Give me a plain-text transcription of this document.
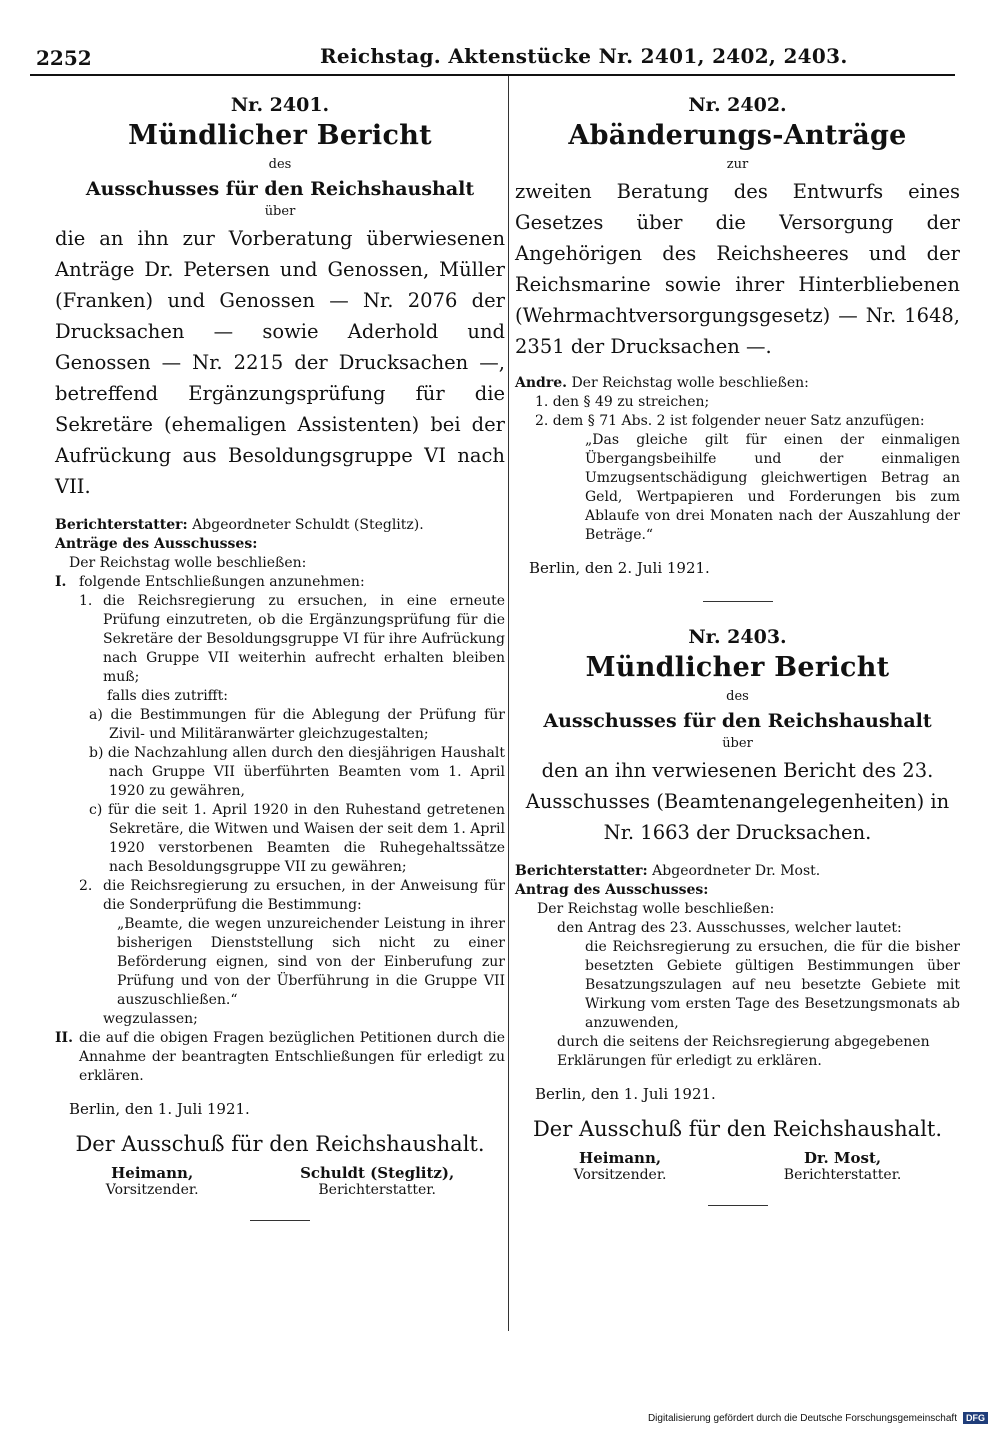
2252	Reichstag. Aktenstücke Nr. 2401, 2402, 2403.
Nr. 2401.
Mündlicher Bericht
des
Ausschusses für den Reichshaushalt
über
die an ihn zur Vorberatung überwiesenen Anträge Dr. Petersen und Genossen, Müller (Franken) und Genossen — Nr. 2076 der Drucksachen — sowie Aderhold und Genossen — Nr. 2215 der Drucksachen —, betreffend Ergänzungsprüfung für die Sekretäre (ehemaligen Assistenten) bei der Aufrückung aus Besoldungsgruppe VI nach VII.

Berichterstatter: Abgeordneter Schuldt (Steglitz).

Anträge des Ausschusses:

Der Reichstag wolle beschließen:

I. folgende Entschließungen anzunehmen:
1. die Reichsregierung zu ersuchen, in eine erneute Prüfung einzutreten, ob die Ergänzungsprüfung für die Sekretäre der Besoldungsgruppe VI für ihre Aufrückung nach Gruppe VII weiterhin aufrecht erhalten bleiben muß;

falls dies zutrifft:

a) die Bestimmungen für die Ablegung der Prüfung für Zivil- und Militäranwärter gleichzugestalten;

b) die Nachzahlung allen durch den diesjährigen Haushalt nach Gruppe VII überführten Beamten vom 1. April 1920 zu gewähren,

c) für die seit 1. April 1920 in den Ruhestand getretenen Sekretäre, die Witwen und Waisen der seit dem 1. April 1920 verstorbenen Beamten die Ruhegehaltssätze nach Besoldungsgruppe VII zu gewähren;

2. die Reichsregierung zu ersuchen, in der Anweisung für die Sonderprüfung die Bestimmung:

„Beamte, die wegen unzureichender Leistung in ihrer bisherigen Dienststellung sich nicht zu einer Beförderung eignen, sind von der Einberufung zur Prüfung und von der Überführung in die Gruppe VII auszuschließen.“

wegzulassen;

II. die auf die obigen Fragen bezüglichen Petitionen durch die Annahme der beantragten Entschließungen für erledigt zu erklären.
Berlin, den 1. Juli 1921.
Der Ausschuß für den Reichshaushalt.
Heimann,
Vorsitzender.
Schuldt (Steglitz),
Berichterstatter.
Nr. 2402.
Abänderungs-Anträge
zur
zweiten Beratung des Entwurfs eines Gesetzes über die Versorgung der Angehörigen des Reichsheeres und der Reichsmarine sowie ihrer Hinterbliebenen (Wehrmachtversorgungsgesetz) — Nr. 1648, 2351 der Drucksachen —.

Andre. Der Reichstag wolle beschließen:

1. den § 49 zu streichen;

2. dem § 71 Abs. 2 ist folgender neuer Satz anzufügen:

„Das gleiche gilt für einen der einmaligen Übergangsbeihilfe und der einmaligen Umzugsentschädigung gleichwertigen Betrag an Geld, Wertpapieren und Forderungen bis zum Ablaufe von drei Monaten nach der Auszahlung der Beträge.“

Berlin, den 2. Juli 1921.
Nr. 2403.
Mündlicher Bericht
des
Ausschusses für den Reichshaushalt
über
den an ihn verwiesenen Bericht des 23. Ausschusses (Beamtenangelegenheiten) in Nr. 1663 der Drucksachen.

Berichterstatter: Abgeordneter Dr. Most.

Antrag des Ausschusses:

Der Reichstag wolle beschließen:

den Antrag des 23. Ausschusses, welcher lautet:

die Reichsregierung zu ersuchen, die für die bisher besetzten Gebiete gültigen Bestimmungen über Besatzungszulagen auf neu besetzte Gebiete mit Wirkung vom ersten Tage des Besetzungsmonats ab anzuwenden,

durch die seitens der Reichsregierung abgegebenen Erklärungen für erledigt zu erklären.

Berlin, den 1. Juli 1921.
Der Ausschuß für den Reichshaushalt.
Heimann,
Vorsitzender.
Dr. Most,
Berichterstatter.
Digitalisierung gefördert durch die Deutsche Forschungsgemeinschaft	DFG
